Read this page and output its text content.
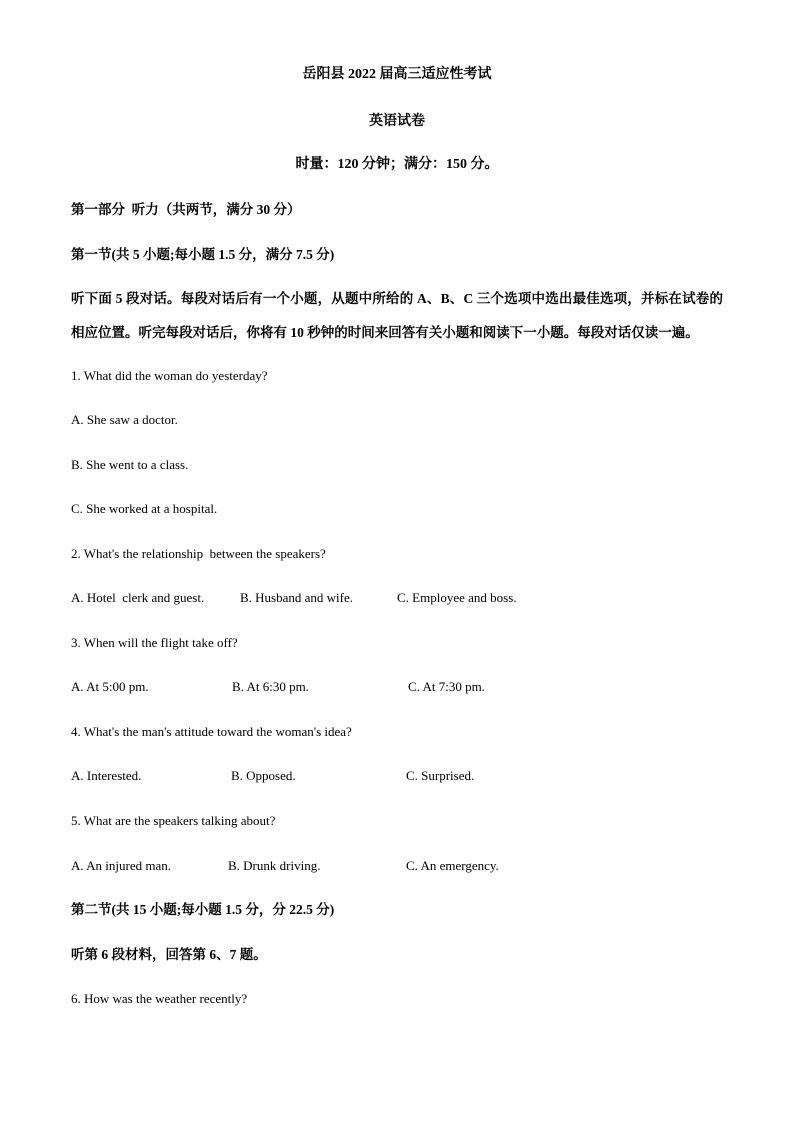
岳阳县 2022 届高三适应性考试
英语试卷
时量：120 分钟；满分：150 分。
第一部分  听力（共两节，满分 30 分）
第一节(共 5 小题;每小题 1.5 分，满分 7.5 分)
听下面 5 段对话。每段对话后有一个小题，从题中所给的 A、B、C 三个选项中选出最佳选项，并标在试卷的相应位置。听完每段对话后，你将有 10 秒钟的时间来回答有关小题和阅读下一小题。每段对话仅读一遍。
1. What did the woman do yesterday?
A. She saw a doctor.
B. She went to a class.
C. She worked at a hospital.
2. What's the relationship  between the speakers?
A. Hotel  clerk and guest.	B. Husband and wife.	C. Employee and boss.
3. When will the flight take off?
A. At 5:00 pm.	B. At 6:30 pm.	C. At 7:30 pm.
4. What's the man's attitude toward the woman's idea?
A. Interested.	B. Opposed.	C. Surprised.
5. What are the speakers talking about?
A. An injured man.	B. Drunk driving.	C. An emergency.
第二节(共 15 小题;每小题 1.5 分，分 22.5 分)
听第 6 段材料，回答第 6、7 题。
6. How was the weather recently?
